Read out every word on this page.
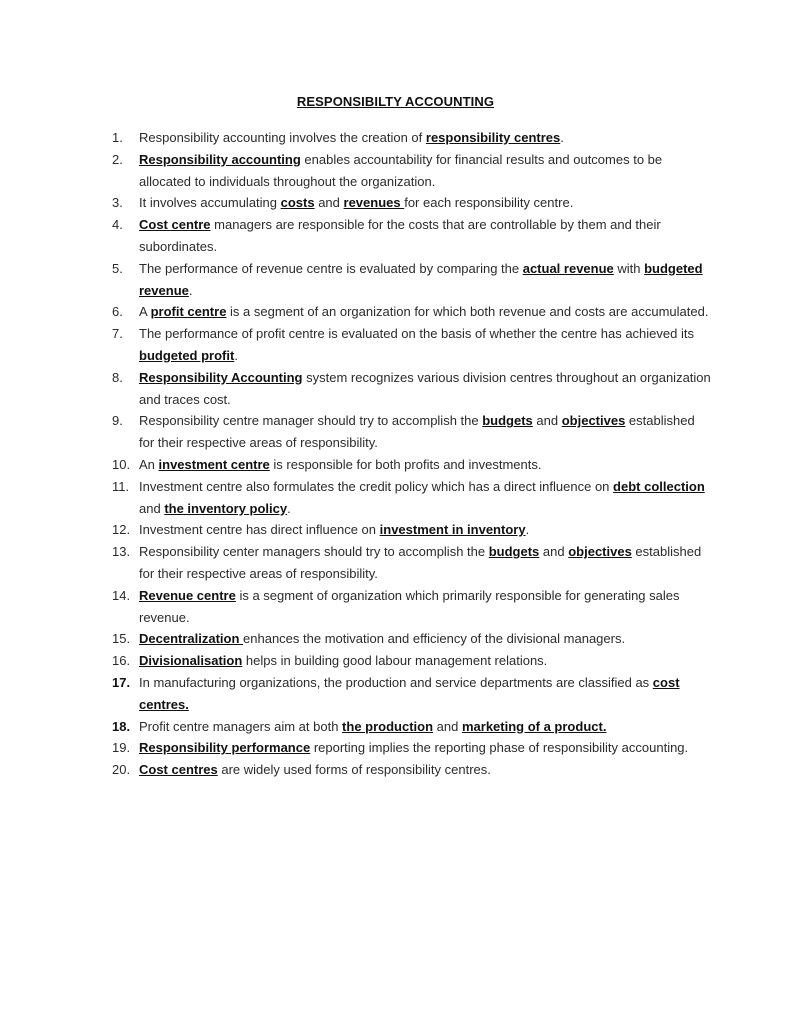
RESPONSIBILTY ACCOUNTING
1. Responsibility accounting involves the creation of responsibility centres.
2. Responsibility accounting enables accountability for financial results and outcomes to be allocated to individuals throughout the organization.
3. It involves accumulating costs and revenues for each responsibility centre.
4. Cost centre managers are responsible for the costs that are controllable by them and their subordinates.
5. The performance of revenue centre is evaluated by comparing the actual revenue with budgeted revenue.
6. A profit centre is a segment of an organization for which both revenue and costs are accumulated.
7. The performance of profit centre is evaluated on the basis of whether the centre has achieved its budgeted profit.
8. Responsibility Accounting system recognizes various division centres throughout an organization and traces cost.
9. Responsibility centre manager should try to accomplish the budgets and objectives established for their respective areas of responsibility.
10. An investment centre is responsible for both profits and investments.
11. Investment centre also formulates the credit policy which has a direct influence on debt collection and the inventory policy.
12. Investment centre has direct influence on investment in inventory.
13. Responsibility center managers should try to accomplish the budgets and objectives established for their respective areas of responsibility.
14. Revenue centre is a segment of organization which primarily responsible for generating sales revenue.
15. Decentralization enhances the motivation and efficiency of the divisional managers.
16. Divisionalisation helps in building good labour management relations.
17. In manufacturing organizations, the production and service departments are classified as cost centres.
18. Profit centre managers aim at both the production and marketing of a product.
19. Responsibility performance reporting implies the reporting phase of responsibility accounting.
20. Cost centres are widely used forms of responsibility centres.
